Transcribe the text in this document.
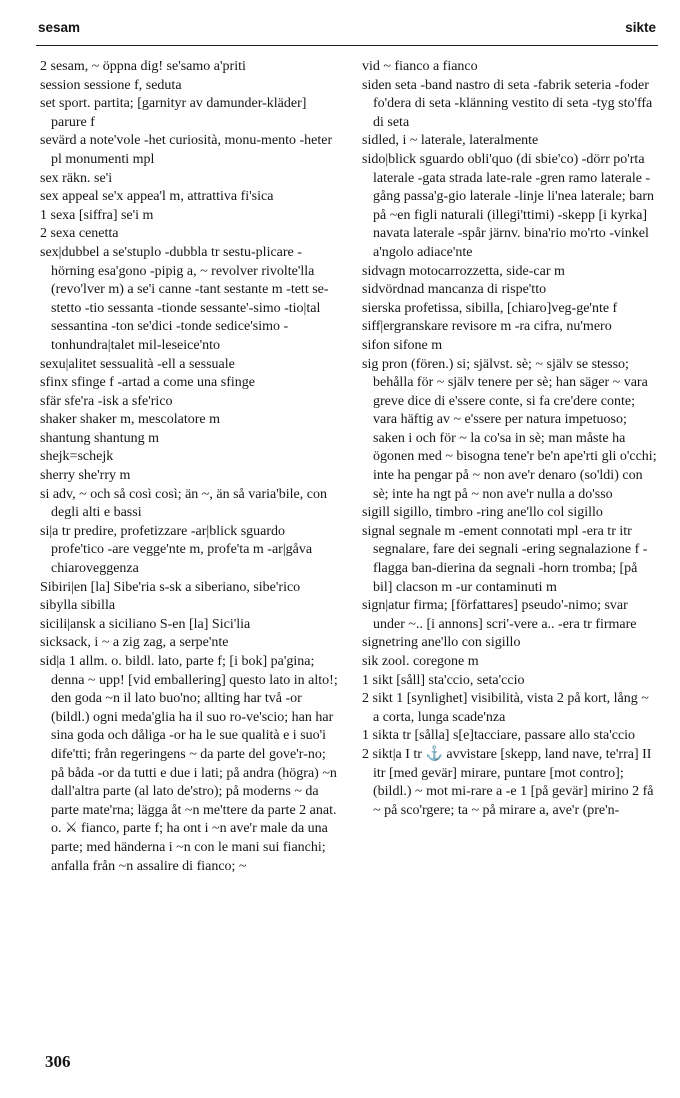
sesam	sikte

2 sesam, ~ öppna dig! se'samo a'priti

session sessione f, seduta

set sport. partita; [garnityr av damunder-kläder] parure f

sevärd a note'vole -het curiosità, monu-mento -heter pl monumenti mpl

sex räkn. se'i

sex appeal se'x appea'l m, attrattiva fi'sica

1 sexa [siffra] se'i m

2 sexa cenetta

sex|dubbel a se'stuplo -dubbla tr sestu-plicare -hörning esa'gono -pipig a, ~ revolver rivolte'lla (revo'lver m) a se'i canne -tant sestante m -tett se-stetto -tio sessanta -tionde sessante'-simo -tio|tal sessantina -ton se'dici -tonde sedice'simo -tonhundra|talet mil-leseice'nto

sexu|alitet sessualità -ell a sessuale

sfinx sfinge f -artad a come una sfinge

sfär sfe'ra -isk a sfe'rico

shaker shaker m, mescolatore m

shantung shantung m

shejk=schejk

sherry she'rry m

si adv, ~ och så così così; än ~, än så varia'bile, con degli alti e bassi

si|a tr predire, profetizzare -ar|blick sguardo profe'tico -are vegge'nte m, profe'ta m -ar|gåva chiaroveggenza

Sibiri|en [la] Sibe'ria s-sk a siberiano, sibe'rico

sibylla sibilla

sicili|ansk a siciliano S-en [la] Sici'lia

sicksack, i ~ a zig zag, a serpe'nte

sid|a 1 allm. o. bildl. lato, parte f; [i bok] pa'gina; denna ~ upp! [vid emballering] questo lato in alto!; den goda ~n il lato buo'no; allting har två -or (bildl.) ogni meda'glia ha il suo ro-ve'scio; han har sina goda och dåliga -or ha le sue qualità e i suo'i dife'tti; från regeringens ~ da parte del gove'r-no; på båda -or da tutti e due i lati; på andra (högra) ~n dall'altra parte (al lato de'stro); på moderns ~ da parte mate'rna; lägga åt ~n me'ttere da parte 2 anat. o. ⚔ fianco, parte f; ha ont i ~n ave'r male da una parte; med händerna i ~n con le mani sui fianchi; anfalla från ~n assalire di fianco; ~

vid ~ fianco a fianco

siden seta -band nastro di seta -fabrik seteria -foder fo'dera di seta -klänning vestito di seta -tyg sto'ffa di seta

sidled, i ~ laterale, lateralmente

sido|blick sguardo obli'quo (di sbie'co) -dörr po'rta laterale -gata strada late-rale -gren ramo laterale -gång passa'g-gio laterale -linje li'nea laterale; barn på ~en figli naturali (illegi'ttimi) -skepp [i kyrka] navata laterale -spår järnv. bina'rio mo'rto -vinkel a'ngolo adiace'nte

sidvagn motocarrozzetta, side-car m

sidvördnad mancanza di rispe'tto

sierska profetissa, sibilla, [chiaro]veg-ge'nte f

siff|ergranskare revisore m -ra cifra, nu'mero

sifon sifone m

sig pron (fören.) si; självst. sè; ~ själv se stesso; behålla för ~ själv tenere per sè; han säger ~ vara greve dice di e'ssere conte, si fa cre'dere conte; vara häftig av ~ e'ssere per natura impetuoso; saken i och för ~ la co'sa in sè; man måste ha ögonen med ~ bisogna tene'r be'n ape'rti gli o'cchi; inte ha pengar på ~ non ave'r denaro (so'ldi) con sè; inte ha ngt på ~ non ave'r nulla a do'sso

sigill sigillo, timbro -ring ane'llo col sigillo

signal segnale m -ement connotati mpl -era tr itr segnalare, fare dei segnali -ering segnalazione f -flagga ban-dierina da segnali -horn tromba; [på bil] clacson m -ur contaminuti m

sign|atur firma; [författares] pseudo'-nimo; svar under ~.. [i annons] scri'-vere a.. -era tr firmare

signetring ane'llo con sigillo

sik zool. coregone m

1 sikt [såll] sta'ccio, seta'ccio

2 sikt 1 [synlighet] visibilità, vista 2 på kort, lång ~ a corta, lunga scade'nza

1 sikta tr [sålla] s[e]tacciare, passare allo sta'ccio

2 sikt|a I tr ⚓ avvistare [skepp, land nave, te'rra] II itr [med gevär] mirare, puntare [mot contro]; (bildl.) ~ mot mi-rare a -e 1 [på gevär] mirino 2 få ~ på sco'rgere; ta ~ på mirare a, ave'r (pre'n-

306
